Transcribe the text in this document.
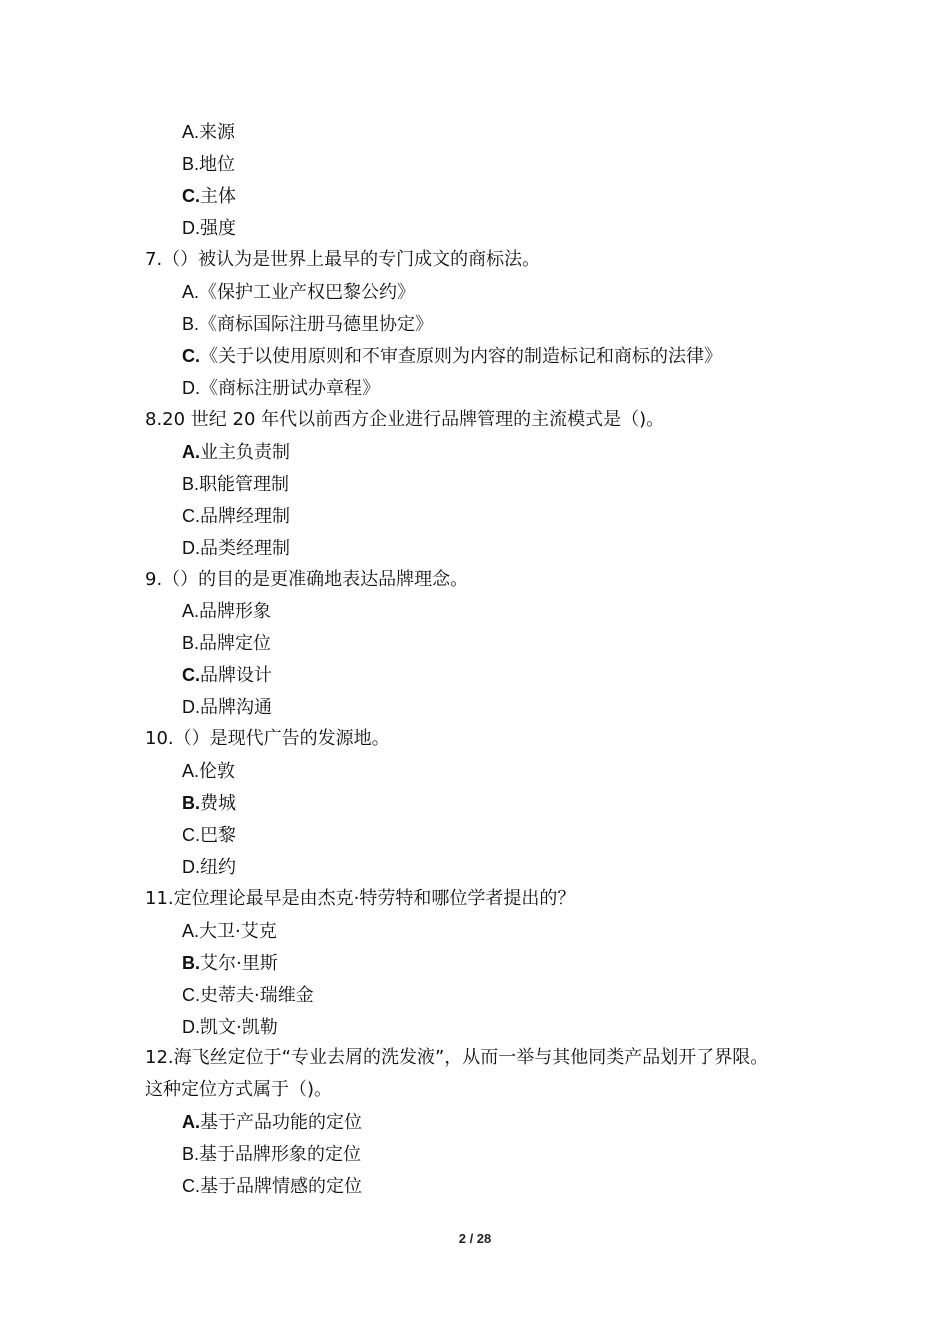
A.来源
B.地位
C.主体
D.强度
7.（）被认为是世界上最早的专门成文的商标法。
A.《保护工业产权巴黎公约》
B.《商标国际注册马德里协定》
C.《关于以使用原则和不审查原则为内容的制造标记和商标的法律》
D.《商标注册试办章程》
8.20 世纪 20 年代以前西方企业进行品牌管理的主流模式是（)。
A.业主负责制
B.职能管理制
C.品牌经理制
D.品类经理制
9.（）的目的是更准确地表达品牌理念。
A.品牌形象
B.品牌定位
C.品牌设计
D.品牌沟通
10.（）是现代广告的发源地。
A.伦敦
B.费城
C.巴黎
D.纽约
11.定位理论最早是由杰克·特劳特和哪位学者提出的？
A.大卫·艾克
B.艾尔·里斯
C.史蒂夫·瑞维金
D.凯文·凯勒
12.海飞丝定位于“专业去屑的洗发液”，从而一举与其他同类产品划开了界限。
这种定位方式属于（)。
A.基于产品功能的定位
B.基于品牌形象的定位
C.基于品牌情感的定位
2 / 28
